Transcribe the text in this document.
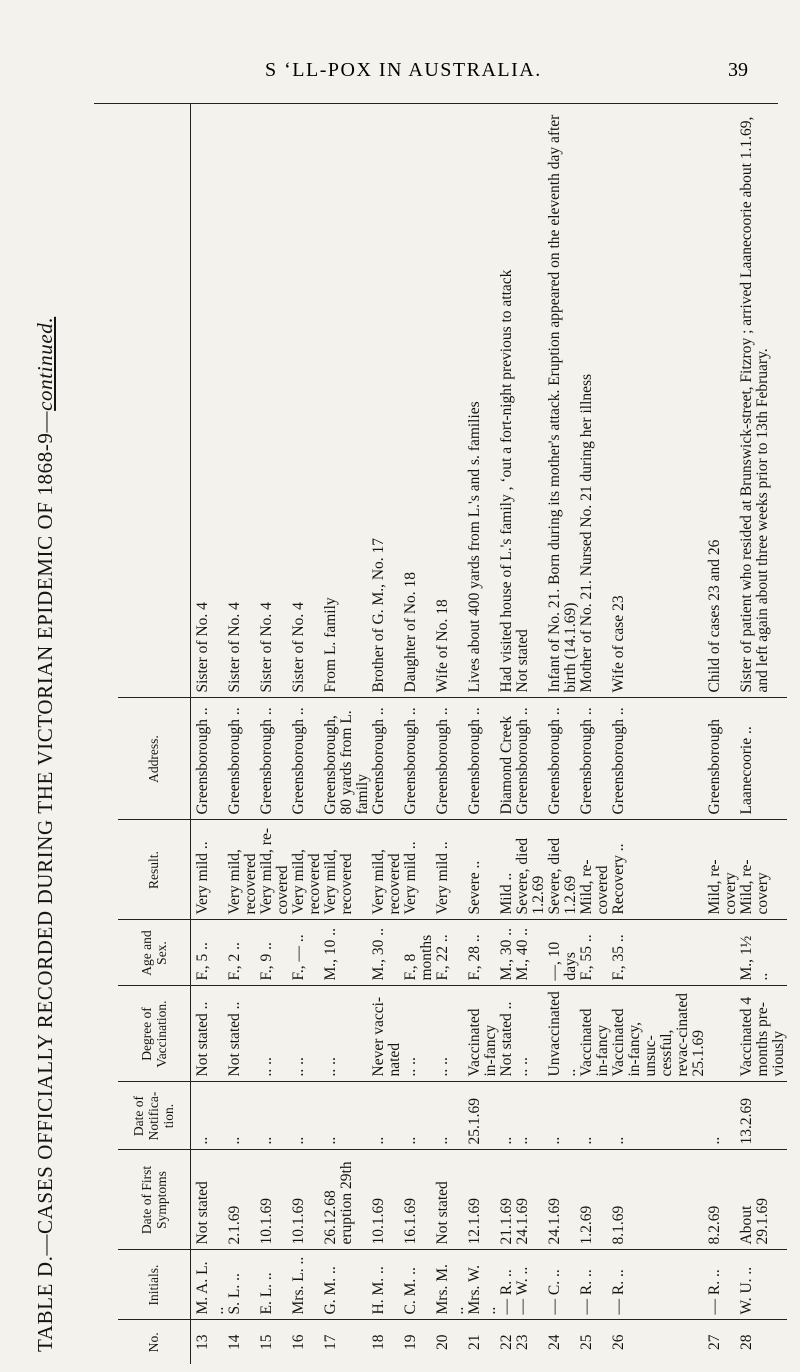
S ‘LL-POX IN AUSTRALIA.	39
TABLE D.—CASES OFFICIALLY RECORDED DURING THE VICTORIAN EPIDEMIC OF 1868-9—continued.
No.	Initials.	Date of First Symptoms	Date of Notifica-tion.	Degree of Vaccination.	Age and Sex.	Result.	Address.	
13	M. A. L. ..	Not stated	..	Not stated ..	F., 5 ..	Very mild ..	Greensborough ..	Sister of No. 4
14	S. L. ..	2.1.69	..	Not stated ..	F., 2 ..	Very mild, recovered	Greensborough ..	Sister of No. 4
15	E. L. ..	10.1.69	..	.. ..	F., 9 ..	Very mild, re-covered	Greensborough ..	Sister of No. 4
16	Mrs. L. ..	10.1.69	..	.. ..	F., — ..	Very mild, recovered	Greensborough ..	Sister of No. 4
17	G. M. ..	26.12.68 eruption 29th	..	.. ..	M., 10 ..	Very mild, recovered	Greensborough, 80 yards from L. family	From L. family
18	H. M. ..	10.1.69	..	Never vacci-nated	M., 30 ..	Very mild, recovered	Greensborough ..	Brother of G. M., No. 17
19	C. M. ..	16.1.69	..	.. ..	F., 8 months	Very mild ..	Greensborough ..	Daughter of No. 18
20	Mrs. M. ..	Not stated	..	.. ..	F., 22 ..	Very mild ..	Greensborough ..	Wife of No. 18
21	Mrs. W. ..	12.1.69	25.1.69	Vaccinated in-fancy	F., 28 ..	Severe ..	Greensborough ..	Lives about 400 yards from L.'s and s. families
22	— R. ..	21.1.69	..	Not stated ..	M., 30 ..	Mild ..	Diamond Creek	Had visited house of L.'s family , ‘out a fort-night previous to attack
23	— W. ..	24.1.69	..	.. ..	M., 40 ..	Severe, died 1.2.69	Greensborough ..	Not stated
24	— C. ..	24.1.69	..	Unvaccinated ..	—, 10 days	Severe, died 1.2.69	Greensborough ..	Infant of No. 21. Born during its mother's attack. Eruption appeared on the eleventh day after birth (14.1.69)
25	— R. ..	1.2.69	..	Vaccinated in-fancy	F., 55 ..	Mild, re-covered	Greensborough ..	Mother of No. 21. Nursed No. 21 during her illness
26	— R. ..	8.1.69	..	Vaccinated in-fancy, unsuc-cessful, revac-cinated 25.1.69	F., 35 ..	Recovery ..	Greensborough ..	Wife of case 23
27	— R. ..	8.2.69	..			Mild, re-covery	Greensborough	Child of cases 23 and 26
28	W. U. ..	About 29.1.69	13.2.69	Vaccinated 4 months pre-viously	M., 1½ ..	Mild, re-covery	Laanecoorie ..	Sister of patient who resided at Brunswick-street, Fitzroy ; arrived Laanecoorie about 1.1.69, and left again about three weeks prior to 13th February.
